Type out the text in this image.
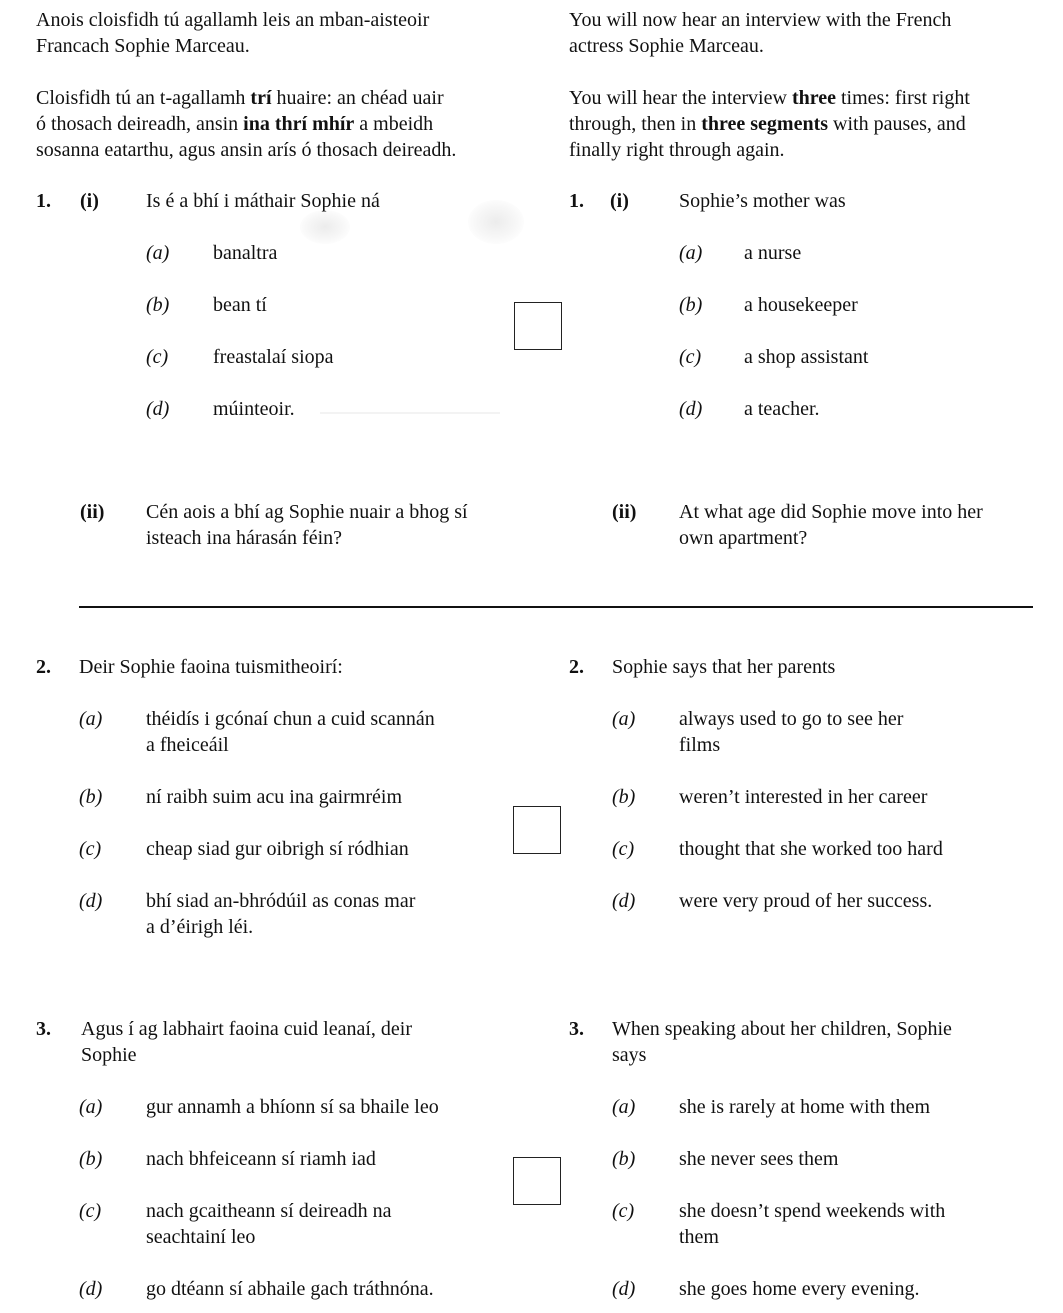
Anois cloisfidh tú agallamh leis an mban-aisteoir
Francach Sophie Marceau.
Cloisfidh tú an t-agallamh trí huaire: an chéad uair
ó thosach deireadh, ansin ina thrí mhír a mbeidh
sosanna eatarthu, agus ansin arís ó thosach deireadh.
You will now hear an interview with the French
actress Sophie Marceau.
You will hear the interview three times: first right
through, then in three segments with pauses, and
finally right through again.
1. (i) Is é a bhí i máthair Sophie ná
(a) banaltra
(b) bean tí
(c) freastalaí siopa
(d) múinteoir.
1. (i)	Sophie’s mother was
(a) a nurse
(b) a housekeeper
(c) a shop assistant
(d) a teacher.
(ii) Cén aois a bhí ag Sophie nuair a bhog sí
isteach ina hárasán féin?
(ii) At what age did Sophie move into her
own apartment?
2. Deir Sophie faoina tuismitheoirí:
(a) théidís i gcónaí chun a cuid scannán
a fheiceáil
(b) ní raibh suim acu ina gairmréim
(c) cheap siad gur oibrigh sí ródhian
(d) bhí siad an-bhródúil as conas mar
a d’éirigh léi.
2. Sophie says that her parents
(a) always used to go to see her
films
(b) weren’t interested in her career
(c) thought that she worked too hard
(d) were very proud of her success.
3. Agus í ag labhairt faoina cuid leanaí, deir
Sophie
(a) gur annamh a bhíonn sí sa bhaile leo
(b) nach bhfeiceann sí riamh iad
(c) nach gcaitheann sí deireadh na
seachtainí leo
(d) go dtéann sí abhaile gach tráthnóna.
3. When speaking about her children, Sophie
says
(a) she is rarely at home with them
(b) she never sees them
(c) she doesn’t spend weekends with
them
(d) she goes home every evening.
